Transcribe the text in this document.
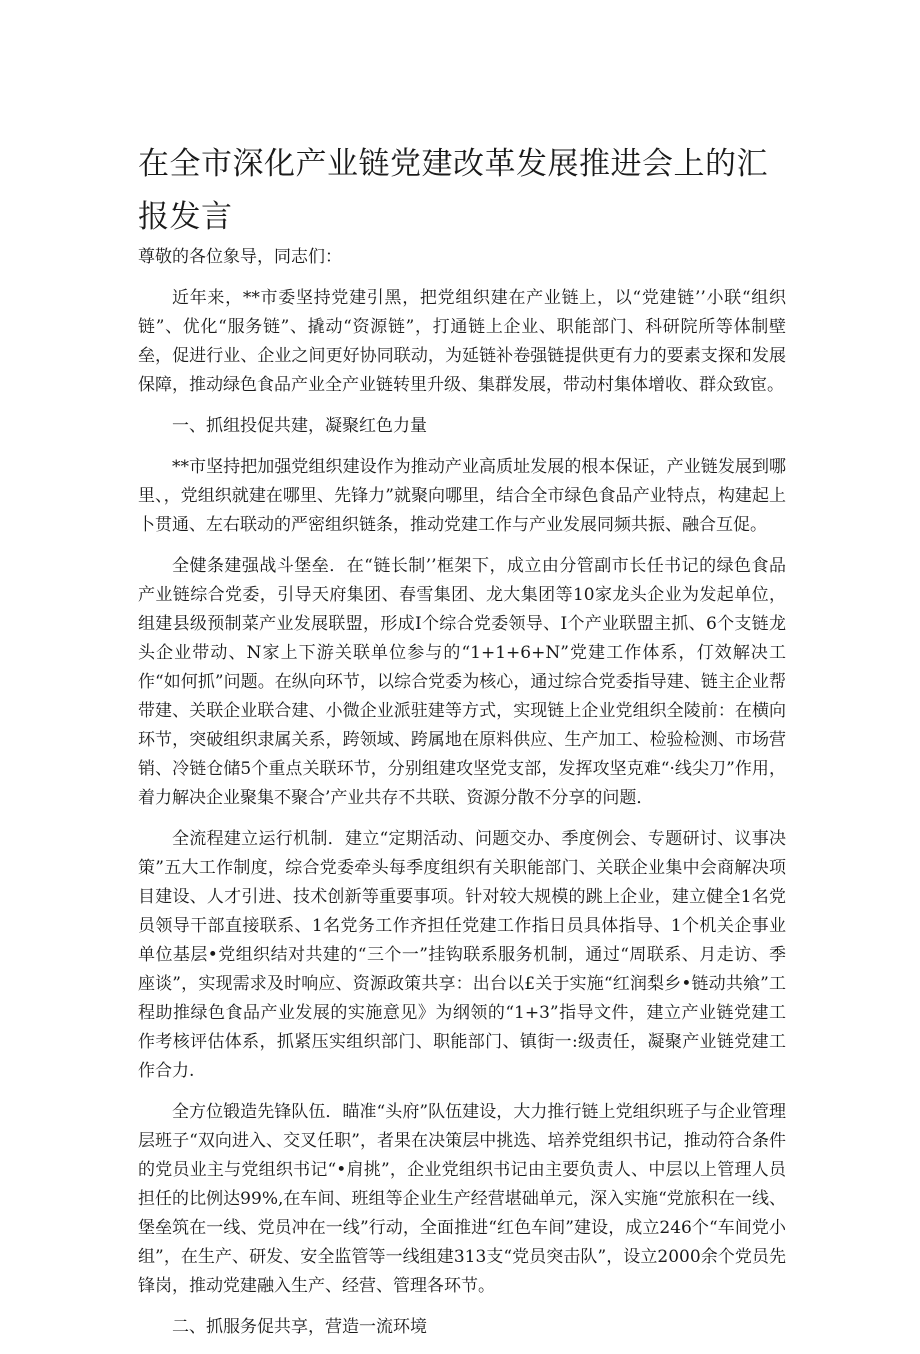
在全市深化产业链党建改革发展推进会上的汇报发言

尊敬的各位象导，同志们：

近年来，**市委坚持党建引黑，把党组织建在产业链上，以“党建链’’小联“组织链”、优化“服务链”、撬动“资源链”，打通链上企业、职能部门、科研院所等体制壁垒，促进行业、企业之间更好协同联动，为延链补卷强链提供更有力的要素支探和发展保障，推动绿色食品产业全产业链转里升级、集群发展，带动村集体增收、群众致宦。

一、抓组投促共建，凝聚红色力量

**市坚持把加强党组织建设作为推动产业高质址发展的根本保证，产业链发展到哪里、，党组织就建在哪里、先锋力”就聚向哪里，结合全市绿色食品产业特点，构建起上卜贯通、左右联动的严密组织链条，推动党建工作与产业发展同频共振、融合互促。

全健条建强战斗堡垒．在“链长制’’框架下，成立由分管副市长任书记的绿色食品产业链综合党委，引导天府集团、春雪集团、龙大集团等10家龙头企业为发起单位，组建县级预制菜产业发展联盟，形成I个综合党委领导、I个产业联盟主抓、6个支链龙头企业带动、N家上下游关联单位参与的“1+1+6+N”党建工作体系，仃效解决工作“如何抓”问题。在纵向环节，以综合党委为核心，通过综合党委指导建、链主企业帮带建、关联企业联合建、小微企业派驻建等方式，实现链上企业党组织全陵前：在横向环节，突破组织隶属关系，跨领域、跨属地在原料供应、生产加工、检验检测、市场营销、冷链仓储5个重点关联环节，分别组建攻坚党支部，发挥攻坚克难“·线尖刀”作用，着力解决企业聚集不聚合’产业共存不共联、资源分散不分享的问题．

全流程建立运行机制．建立“定期活动、问题交办、季度例会、专题研讨、议事决策”五大工作制度，综合党委牵头每季度组织有关职能部门、关联企业集中会商解决项目建设、人才引进、技术创新等重要事项。针对较大规模的跳上企业，建立健全1名党员领导干部直接联系、1名党务工作齐担任党建工作指日员具体指导、1个机关企事业单位基层•党组织结对共建的“三个一”挂钩联系服务机制，通过“周联系、月走访、季座谈”，实现需求及时响应、资源政策共享：出台以£关于实施“红润梨乡•链动共飨”工程助推绿色食品产业发展的实施意见》为纲领的“1+3”指导文件，建立产业链党建工作考核评估体系，抓紧压实组织部门、职能部门、镇街一:级责任，凝聚产业链党建工作合力.

全方位锻造先锋队伍．瞄准“头府”队伍建设，大力推行链上党组织班子与企业管理层班子“双向进入、交叉任职”，者果在决策层中挑选、培养党组织书记，推动符合条件的党员业主与党组织书记“•肩挑”，企业党组织书记由主要负责人、中层以上管理人员担任的比例达99%,在车间、班组等企业生产经营堪础单元，深入实施“党旅积在一线、堡垒筑在一线、党员冲在一线”行动，全面推进“红色车间”建设，成立246个“车间党小组”，在生产、研发、安全监管等一线组建313支“党员突击队”，设立2000余个党员先锋岗，推动党建融入生产、经营、管理各环节。

二、抓服务促共享，营造一流环境
